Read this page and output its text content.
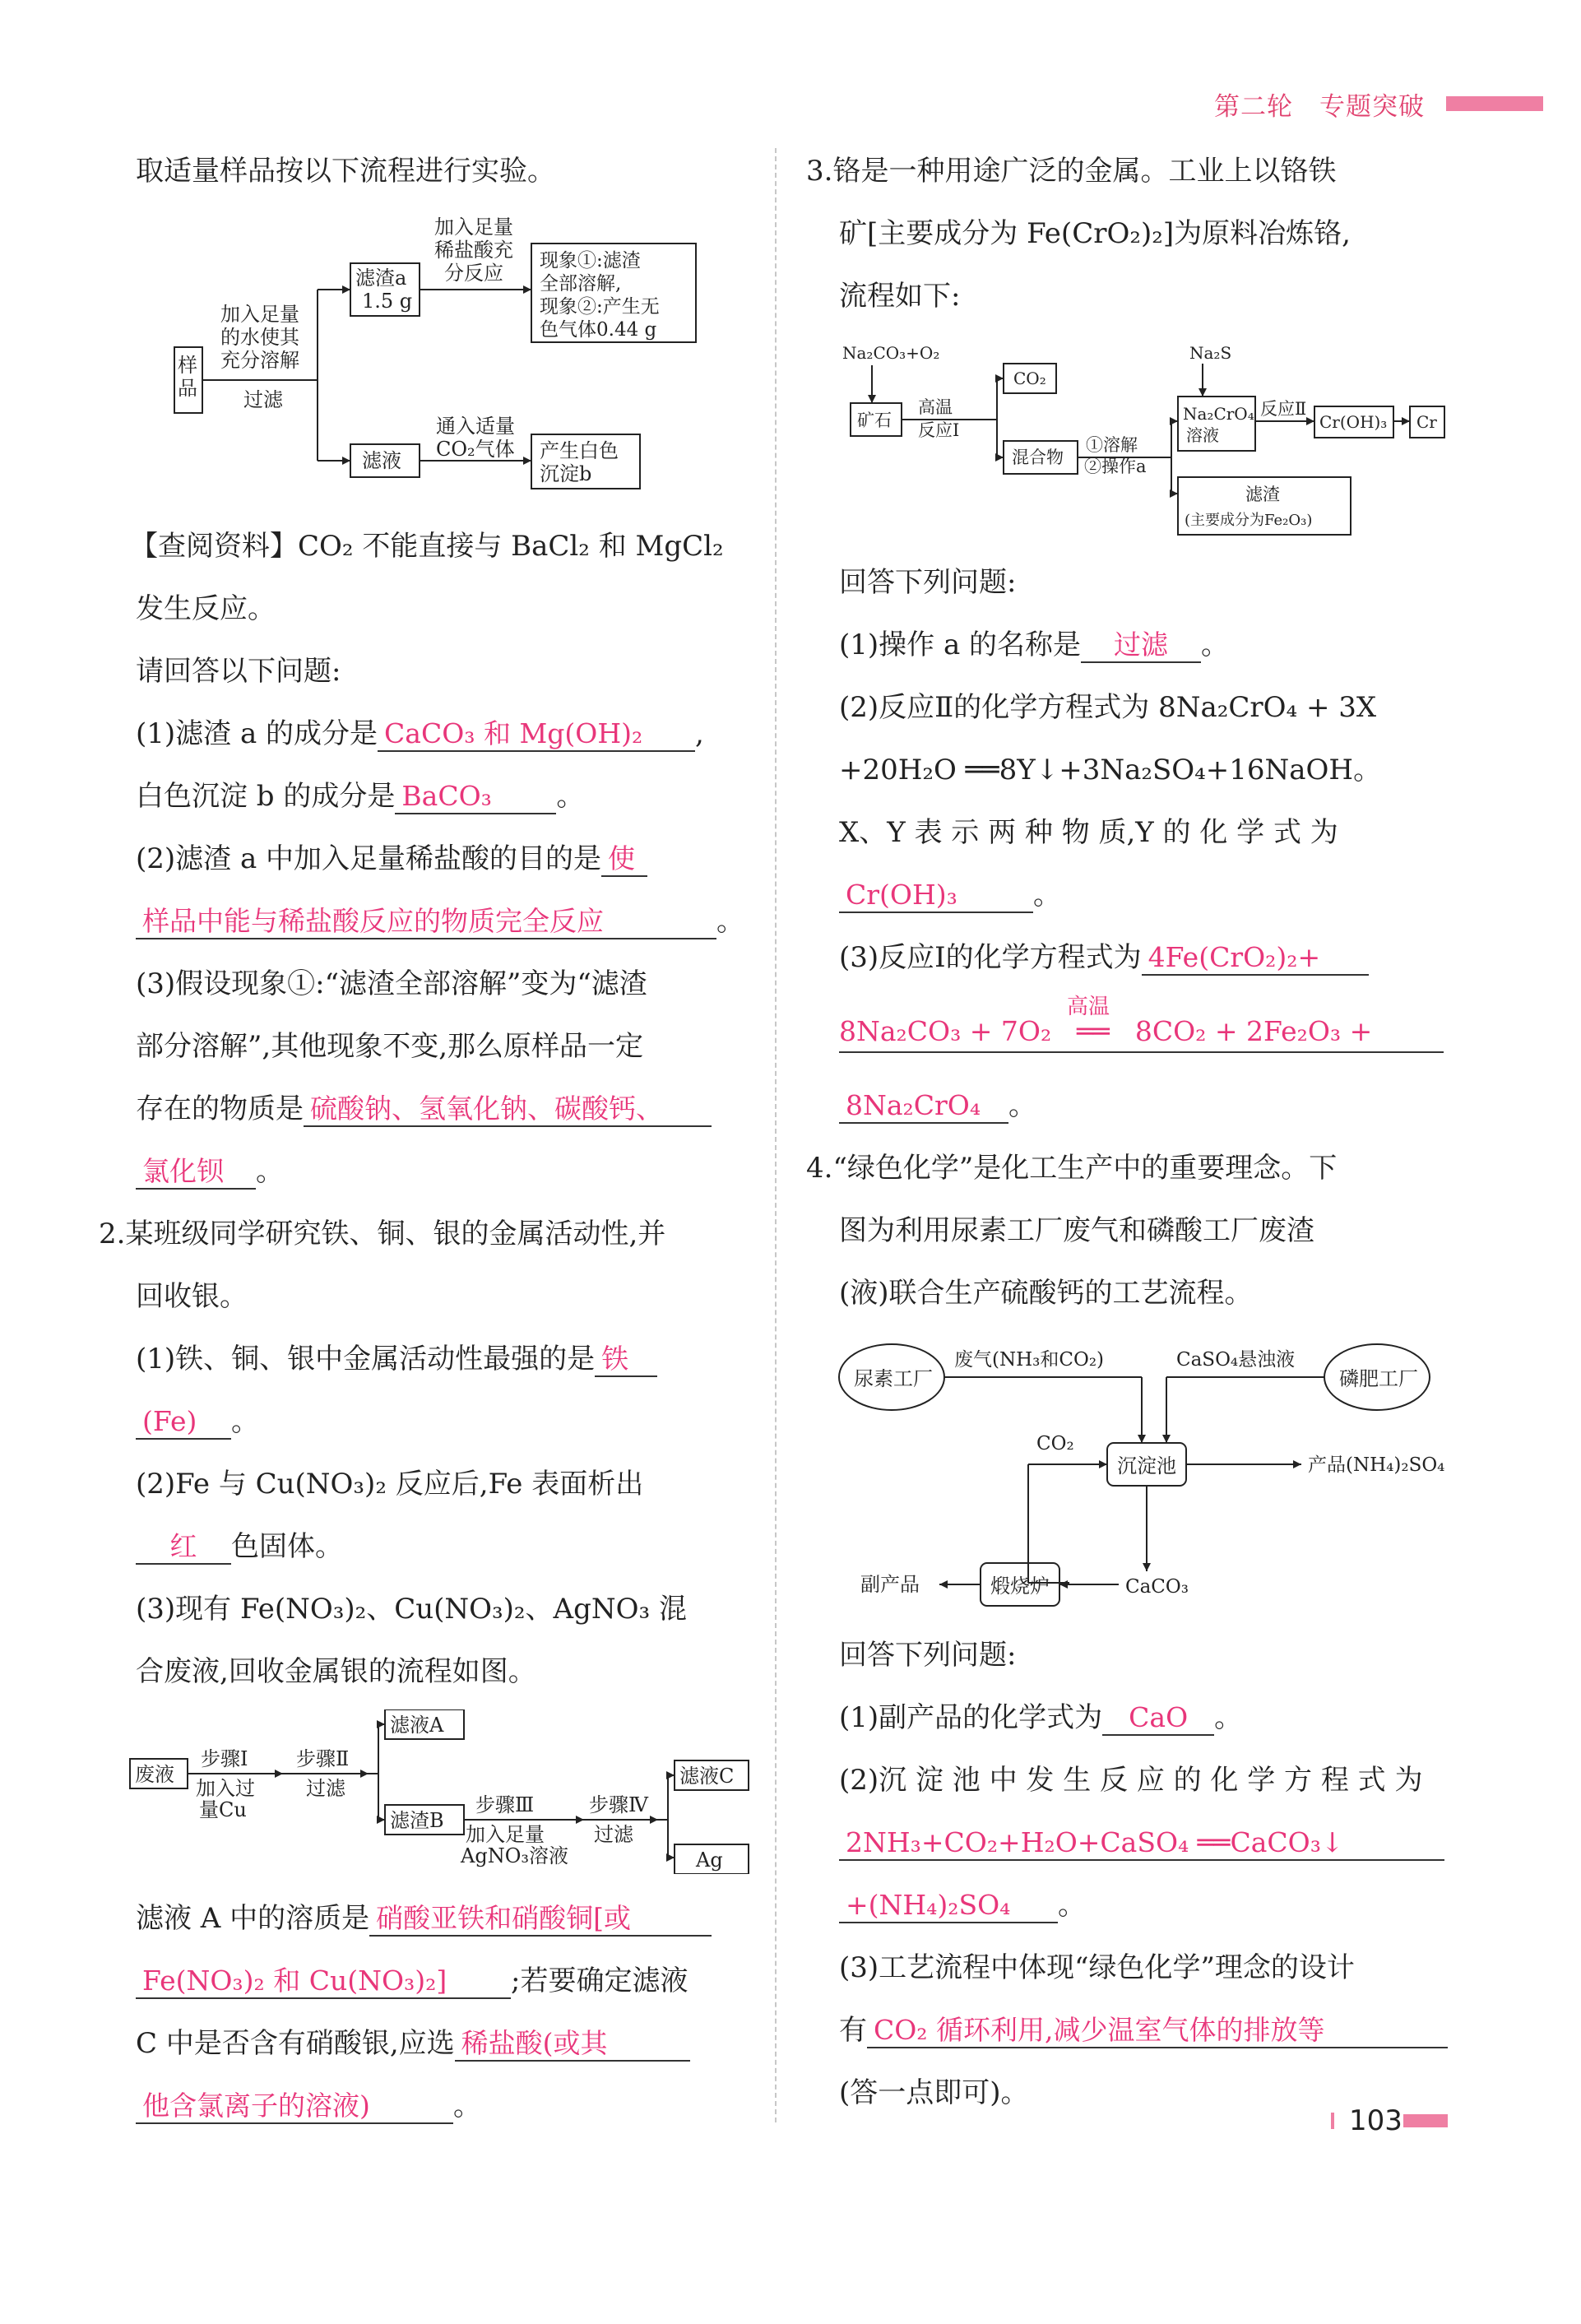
第二轮　专题突破
取适量样品按以下流程进行实验。
样
品
加入足量
的水使其
充分溶解
过滤
滤渣a
1.5 g
加入足量
稀盐酸充
分反应
现象①:滤渣
全部溶解,
现象②:产生无
色气体0.44 g
滤液
通入适量
CO₂气体 产生白色
沉淀b
【查阅资料】CO₂ 不能直接与 BaCl₂ 和 MgCl₂
发生反应。
请回答以下问题:
(1)滤渣 a 的成分是 CaCO₃ 和 Mg(OH)₂ ,
白色沉淀 b 的成分是 BaCO₃ 。
(2)滤渣 a 中加入足量稀盐酸的目的是 使
样品中能与稀盐酸反应的物质完全反应	。
(3)假设现象①:“滤渣全部溶解”变为“滤渣
部分溶解”,其他现象不变,那么原样品一定
存在的物质是 硫酸钠、氢氧化钠、碳酸钙、
氯化钡 。
2.某班级同学研究铁、铜、银的金属活动性,并
回收银。
(1)铁、铜、银中金属活动性最强的是 铁
(Fe) 。
(2)Fe 与 Cu(NO₃)₂ 反应后,Fe 表面析出
红 色固体。
(3)现有 Fe(NO₃)₂、Cu(NO₃)₂、AgNO₃ 混
合废液,回收金属银的流程如图。
废液
步骤Ⅰ
加入过
量Cu
步骤Ⅱ
过滤
滤液A
滤渣B
步骤Ⅲ
加入足量
AgNO₃溶液
步骤Ⅳ
过滤
滤液C
Ag
滤液 A 中的溶质是 硝酸亚铁和硝酸铜[或
Fe(NO₃)₂ 和 Cu(NO₃)₂] ;若要确定滤液
C 中是否含有硝酸银,应选 稀盐酸(或其
他含氯离子的溶液)	。
3.铬是一种用途广泛的金属。工业上以铬铁
矿[主要成分为 Fe(CrO₂)₂]为原料冶炼铬,
流程如下:
Na₂CO₃+O₂
矿石
高温
反应Ⅰ
CO₂
混合物
①溶解
②操作a
Na₂S
Na₂CrO₄
溶液
反应Ⅱ
Cr(OH)₃ Cr
滤渣
(主要成分为Fe₂O₃)
回答下列问题:
(1)操作 a 的名称是 过滤 。
(2)反应Ⅱ的化学方程式为 8Na₂CrO₄ + 3X
+20H₂O ══8Y↓+3Na₂SO₄+16NaOH。
X、Y 表 示 两 种 物 质,Y 的 化 学 式 为
Cr(OH)₃	。
(3)反应Ⅰ的化学方程式为 4Fe(CrO₂)₂+
8Na₂CO₃ + 7O₂
高温
══ 8CO₂ + 2Fe₂O₃ +
8Na₂CrO₄ 。
4.“绿色化学”是化工生产中的重要理念。下
图为利用尿素工厂废气和磷酸工厂废渣
(液)联合生产硫酸钙的工艺流程。
尿素工厂
废气(NH₃和CO₂)	CaSO₄悬浊液
磷肥工厂
CO₂
沉淀池	产品(NH₄)₂SO₄
副产品	煅烧炉	CaCO₃
回答下列问题:
(1)副产品的化学式为 CaO 。
(2)沉 淀 池 中 发 生 反 应 的 化 学 方 程 式 为
2NH₃+CO₂+H₂O+CaSO₄ ══CaCO₃↓
+(NH₄)₂SO₄ 。
(3)工艺流程中体现“绿色化学”理念的设计
有 CO₂ 循环利用,减少温室气体的排放等
(答一点即可)。
103
